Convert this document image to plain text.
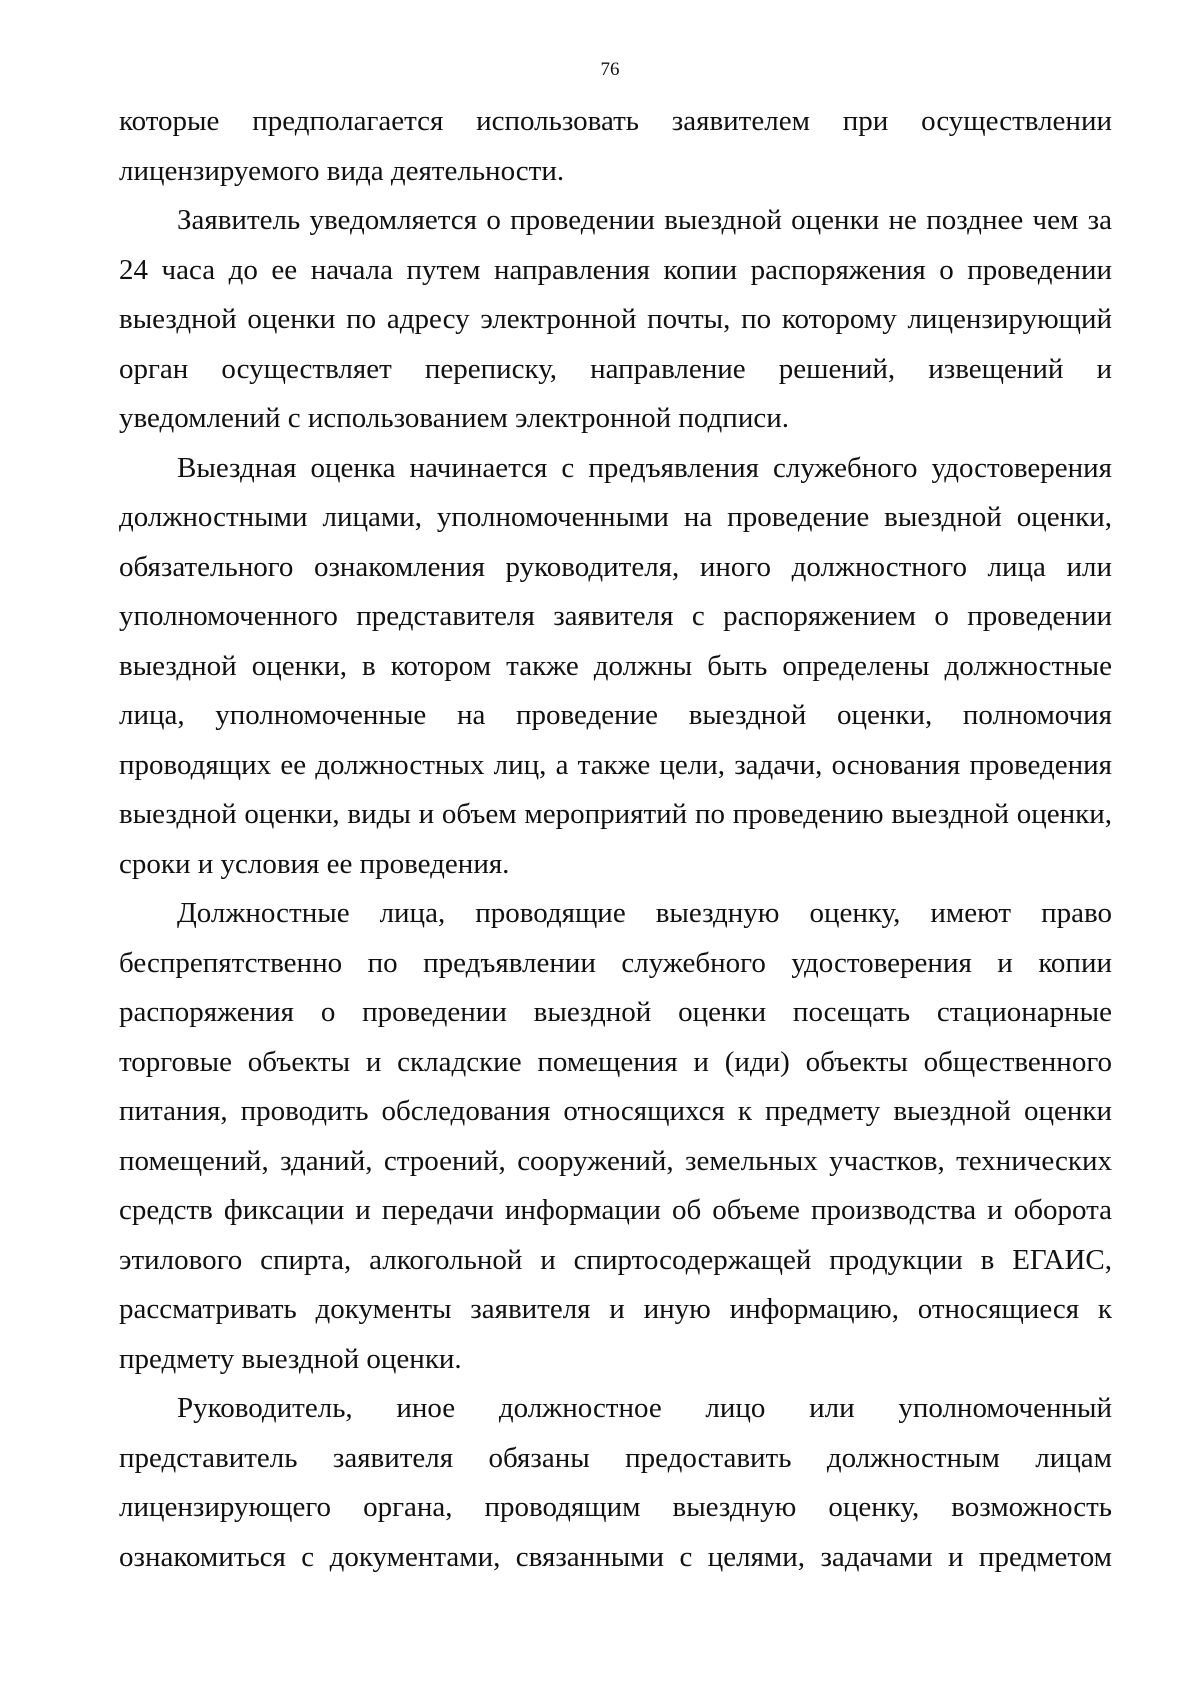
76

которые предполагается использовать заявителем при осуществлении лицензируемого вида деятельности.

Заявитель уведомляется о проведении выездной оценки не позднее чем за 24 часа до ее начала путем направления копии распоряжения о проведении выездной оценки по адресу электронной почты, по которому лицензирующий орган осуществляет переписку, направление решений, извещений и уведомлений с использованием электронной подписи.

Выездная оценка начинается с предъявления служебного удостоверения должностными лицами, уполномоченными на проведение выездной оценки, обязательного ознакомления руководителя, иного должностного лица или уполномоченного представителя заявителя с распоряжением о проведении выездной оценки, в котором также должны быть определены должностные лица, уполномоченные на проведение выездной оценки, полномочия проводящих ее должностных лиц, а также цели, задачи, основания проведения выездной оценки, виды и объем мероприятий по проведению выездной оценки, сроки и условия ее проведения.

Должностные лица, проводящие выездную оценку, имеют право беспрепятственно по предъявлении служебного удостоверения и копии распоряжения о проведении выездной оценки посещать стационарные торговые объекты и складские помещения и (иди) объекты общественного питания, проводить обследования относящихся к предмету выездной оценки помещений, зданий, строений, сооружений, земельных участков, технических средств фиксации и передачи информации об объеме производства и оборота этилового спирта, алкогольной и спиртосодержащей продукции в ЕГАИС, рассматривать документы заявителя и иную информацию, относящиеся к предмету выездной оценки.

Руководитель, иное должностное лицо или уполномоченный представитель заявителя обязаны предоставить должностным лицам лицензирующего органа, проводящим выездную оценку, возможность ознакомиться с документами, связанными с целями, задачами и предметом
